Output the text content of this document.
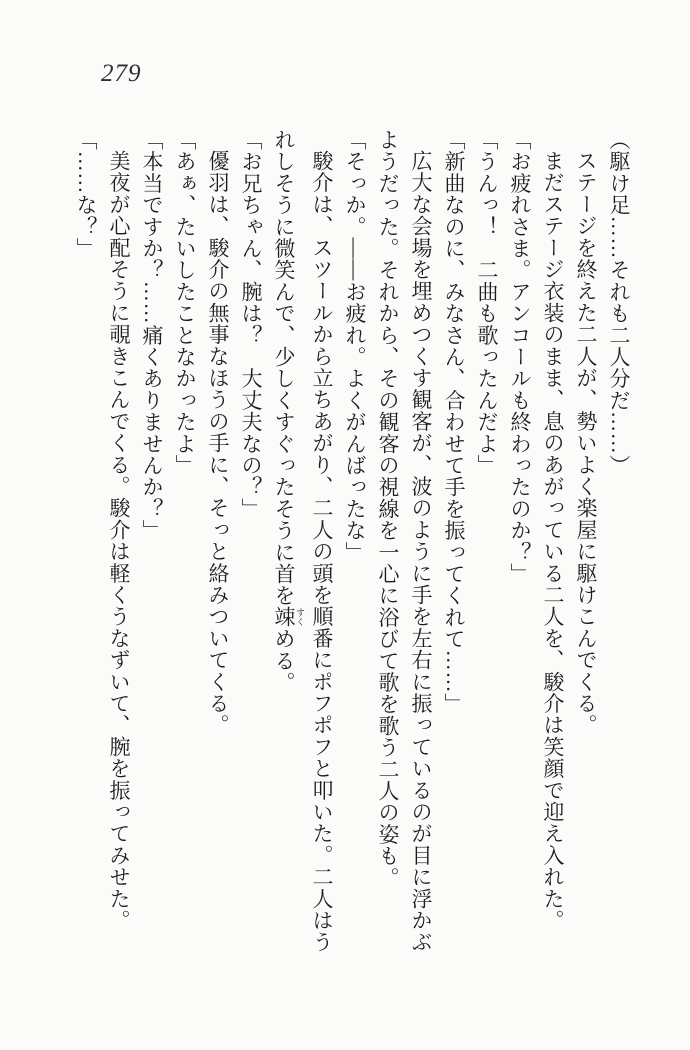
279

（駆け足……それも二人分だ……）

ステージを終えた二人が、勢いよく楽屋に駆けこんでくる。

まだステージ衣装のまま、息のあがっている二人を、駿介は笑顔で迎え入れた。

「お疲れさま。アンコールも終わったのか？」

「うんっ！　二曲も歌ったんだよ」

「新曲なのに、みなさん、合わせて手を振ってくれて……」

広大な会場を埋めつくす観客が、波のように手を左右に振っているのが目に浮かぶ

ようだった。それから、その観客の視線を一心に浴びて歌を歌う二人の姿も。

「そっか。――お疲れ。よくがんばったな」

駿介は、スツールから立ちあがり、二人の頭を順番にポフポフと叩いた。二人はう

れしそうに微笑んで、少しくすぐったそうに首を竦 すくめる。

「お兄ちゃん、腕は？　大丈夫なの？」

優羽は、駿介の無事なほうの手に、そっと絡みついてくる。

「あぁ、たいしたことなかったよ」

「本当ですか？……痛くありませんか？」

美夜が心配そうに覗きこんでくる。駿介は軽くうなずいて、腕を振ってみせた。

「……な？」
